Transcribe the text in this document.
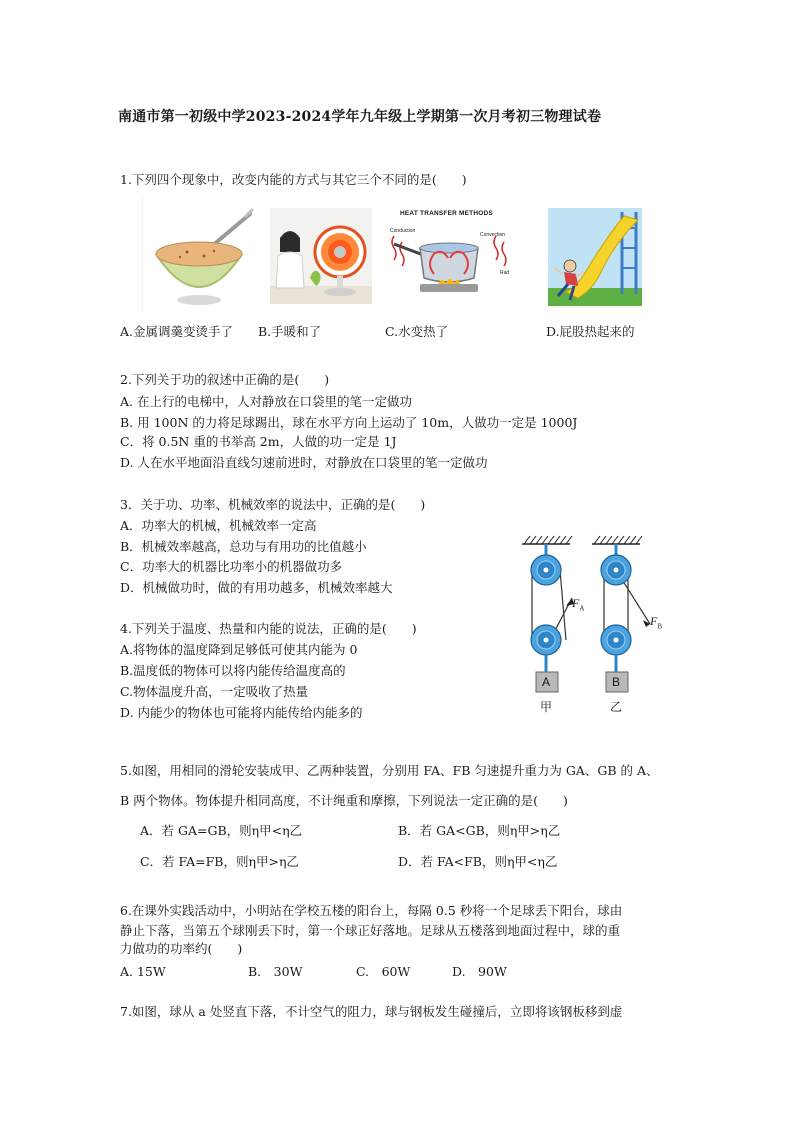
南通市第一初级中学2023-2024学年九年级上学期第一次月考初三物理试卷
1.下列四个现象中，改变内能的方式与其它三个不同的是(　　)
HEAT TRANSFER METHODS
Conduction
Convection
Rad
A.金属调羹变烫手了 B.手暖和了	C.水变热了	D.屁股热起来的
2.下列关于功的叙述中正确的是(　　)
A. 在上行的电梯中，人对静放在口袋里的笔一定做功
B. 用 100N 的力将足球踢出，球在水平方向上运动了 10m，人做功一定是 1000J
C．将 0.5N 重的书举高 2m，人做的功一定是 1J
D. 人在水平地面沿直线匀速前进时，对静放在口袋里的笔一定做功
3．关于功、功率、机械效率的说法中，正确的是(　　)
A．功率大的机械，机械效率一定高
B．机械效率越高，总功与有用功的比值越小
C．功率大的机器比功率小的机器做功多
D．机械做功时，做的有用功越多，机械效率越大
4.下列关于温度、热量和内能的说法，正确的是(　　)
A.将物体的温度降到足够低可使其内能为 0
B.温度低的物体可以将内能传给温度高的
C.物体温度升高，一定吸收了热量
D. 内能少的物体也可能将内能传给内能多的
$F_A$
$F_B$
A	B
甲	乙
5.如图，用相同的滑轮安装成甲、乙两种装置，分别用 FA、FB 匀速提升重力为 GA、GB 的 A、
B 两个物体。物体提升相同高度，不计绳重和摩擦，下列说法一定正确的是(　　)
A．若 GA=GB，则η甲<η乙	B．若 GA<GB，则η甲>η乙
C．若 FA=FB，则η甲>η乙	D．若 FA<FB，则η甲<η乙
6.在课外实践活动中，小明站在学校五楼的阳台上，每隔 0.5 秒将一个足球丢下阳台，球由
静止下落，当第五个球刚丢下时，第一个球正好落地。足球从五楼落到地面过程中，球的重
力做功的功率约(　　)
A. 15W	B.　30W	C.　60W	D.　90W
7.如图，球从 a 处竖直下落，不计空气的阻力，球与钢板发生碰撞后，立即将该钢板移到虚
